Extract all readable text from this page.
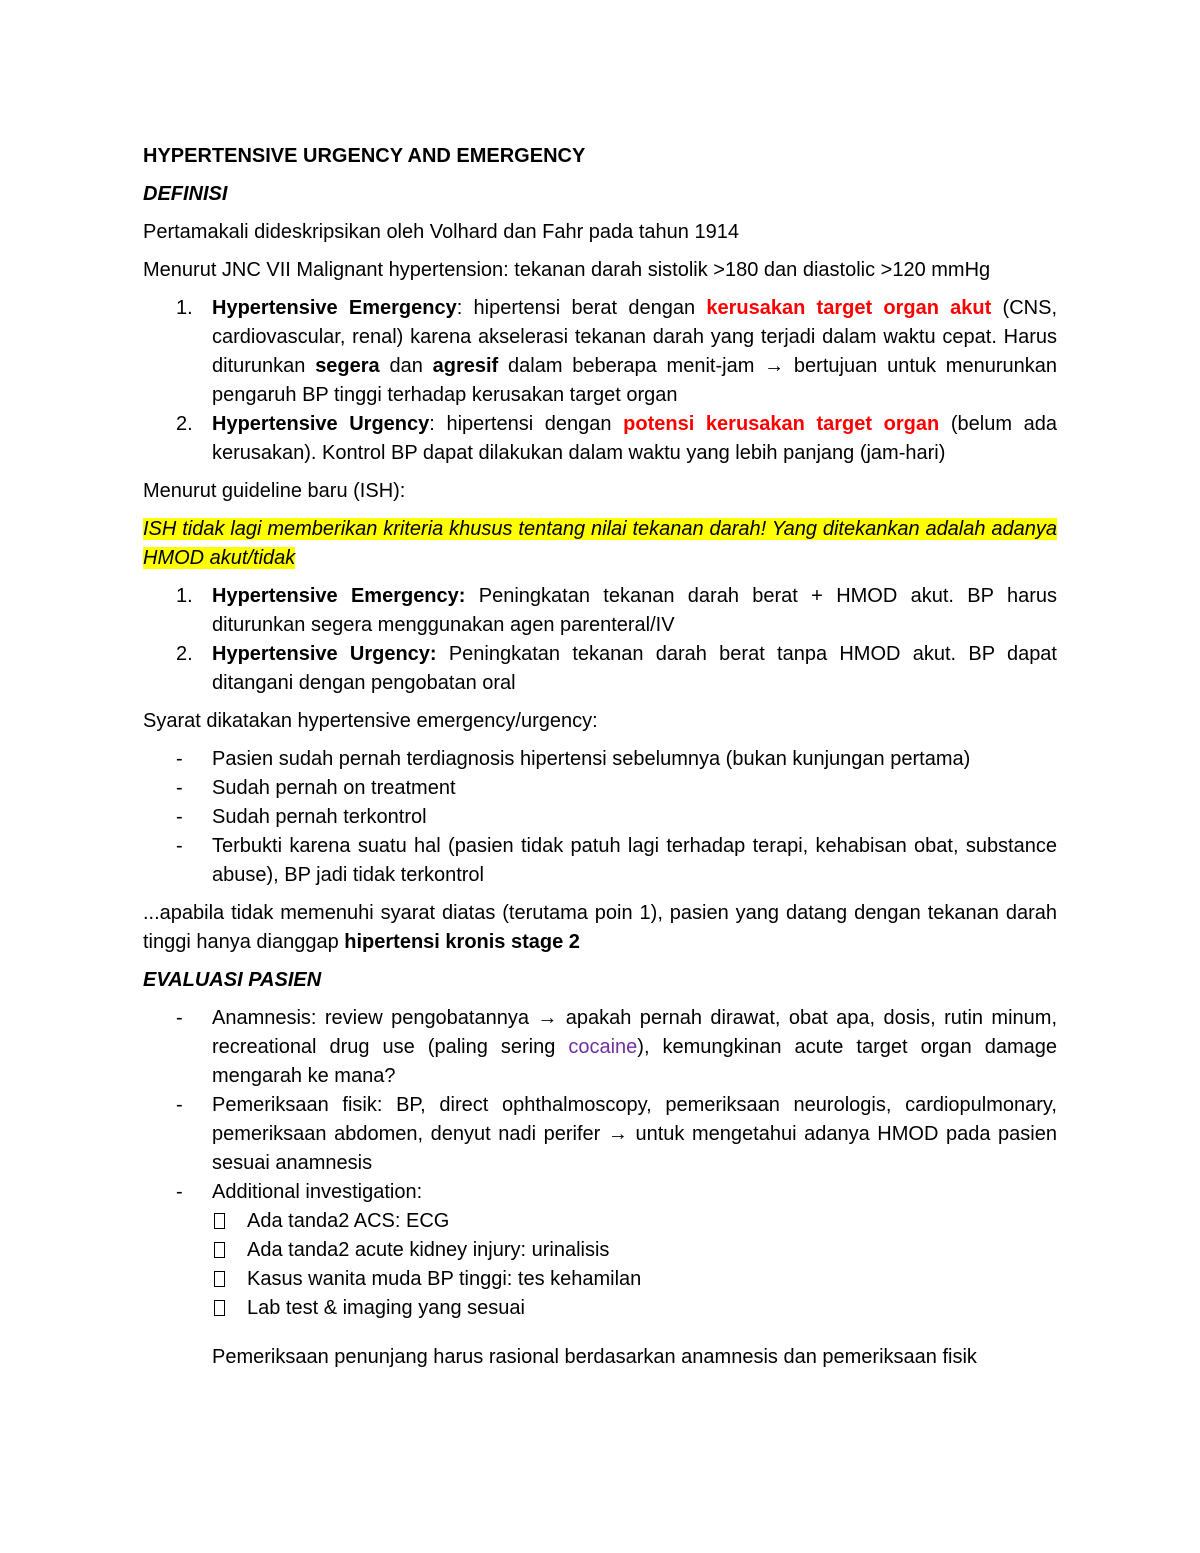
HYPERTENSIVE URGENCY AND EMERGENCY

DEFINISI

Pertamakali dideskripsikan oleh Volhard dan Fahr pada tahun 1914

Menurut JNC VII Malignant hypertension: tekanan darah sistolik >180 dan diastolic >120 mmHg

1. Hypertensive Emergency: hipertensi berat dengan kerusakan target organ akut (CNS, cardiovascular, renal) karena akselerasi tekanan darah yang terjadi dalam waktu cepat. Harus diturunkan segera dan agresif dalam beberapa menit-jam → bertujuan untuk menurunkan pengaruh BP tinggi terhadap kerusakan target organ
2. Hypertensive Urgency: hipertensi dengan potensi kerusakan target organ (belum ada kerusakan). Kontrol BP dapat dilakukan dalam waktu yang lebih panjang (jam-hari)

Menurut guideline baru (ISH):

ISH tidak lagi memberikan kriteria khusus tentang nilai tekanan darah! Yang ditekankan adalah adanya HMOD akut/tidak

1. Hypertensive Emergency: Peningkatan tekanan darah berat + HMOD akut. BP harus diturunkan segera menggunakan agen parenteral/IV
2. Hypertensive Urgency: Peningkatan tekanan darah berat tanpa HMOD akut. BP dapat ditangani dengan pengobatan oral

Syarat dikatakan hypertensive emergency/urgency:

- Pasien sudah pernah terdiagnosis hipertensi sebelumnya (bukan kunjungan pertama)
- Sudah pernah on treatment
- Sudah pernah terkontrol
- Terbukti karena suatu hal (pasien tidak patuh lagi terhadap terapi, kehabisan obat, substance abuse), BP jadi tidak terkontrol

...apabila tidak memenuhi syarat diatas (terutama poin 1), pasien yang datang dengan tekanan darah tinggi hanya dianggap hipertensi kronis stage 2

EVALUASI PASIEN

- Anamnesis: review pengobatannya → apakah pernah dirawat, obat apa, dosis, rutin minum, recreational drug use (paling sering cocaine), kemungkinan acute target organ damage mengarah ke mana?
- Pemeriksaan fisik: BP, direct ophthalmoscopy, pemeriksaan neurologis, cardiopulmonary, pemeriksaan abdomen, denyut nadi perifer → untuk mengetahui adanya HMOD pada pasien sesuai anamnesis
- Additional investigation:
Ada tanda2 ACS: ECG
Ada tanda2 acute kidney injury: urinalisis
Kasus wanita muda BP tinggi: tes kehamilan
Lab test & imaging yang sesuai

Pemeriksaan penunjang harus rasional berdasarkan anamnesis dan pemeriksaan fisik
